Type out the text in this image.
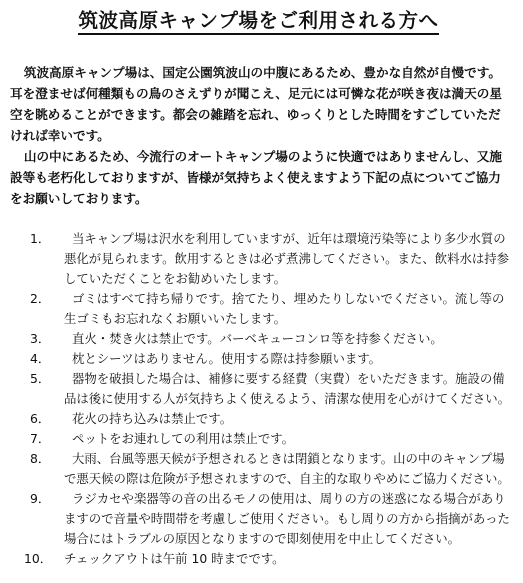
筑波高原キャンプ場をご利用される方へ

筑波高原キャンプ場は、国定公園筑波山の中腹にあるため、豊かな自然が自慢です。耳を澄ませば何種類もの鳥のさえずりが聞こえ、足元には可憐な花が咲き夜は満天の星空を眺めることができます。都会の雑踏を忘れ、ゆっくりとした時間をすごしていただければ幸いです。

山の中にあるため、今流行のオートキャンプ場のように快適ではありませんし、又施設等も老朽化しておりますが、皆様が気持ちよく使えますよう下記の点についてご協力をお願いしております。

1．	当キャンプ場は沢水を利用していますが、近年は環境汚染等により多少水質の悪化が見られます。飲用するときは必ず煮沸してください。また、飲料水は持参していただくことをお勧めいたします。
2．	ゴミはすべて持ち帰りです。捨てたり、埋めたりしないでください。流し等の生ゴミもお忘れなくお願いいたします。
3．	直火・焚き火は禁止です。バーベキューコンロ等を持参ください。
4．	枕とシーツはありません。使用する際は持参願います。
5．	器物を破損した場合は、補修に要する経費（実費）をいただきます。施設の備品は後に使用する人が気持ちよく使えるよう、清潔な使用を心がけてください。
6．	花火の持ち込みは禁止です。
7．	ペットをお連れしての利用は禁止です。
8．	大雨、台風等悪天候が予想されるときは閉鎖となります。山の中のキャンプ場で悪天候の際は危険が予想されますので、自主的な取りやめにご協力ください。
9．	ラジカセや楽器等の音の出るモノの使用は、周りの方の迷惑になる場合がありますので音量や時間帯を考慮しご使用ください。もし周りの方から指摘があった場合にはトラブルの原因となりますので即刻使用を中止してください。
10． チェックアウトは午前 10 時までです。
